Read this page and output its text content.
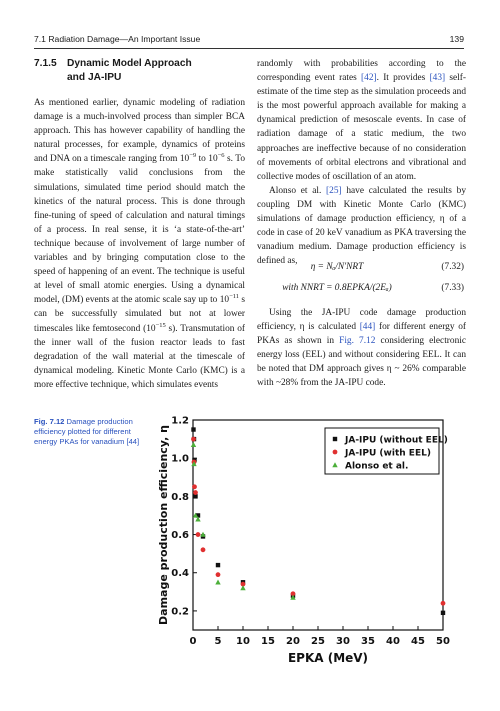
7.1 Radiation Damage—An Important Issue	139
7.1.5 Dynamic Model Approach
and JA-IPU

As mentioned earlier, dynamic modeling of radiation damage is a much-involved process than simpler BCA approach. This has however capability of handling the natural processes, for example, dynamics of proteins and DNA on a timescale ranging from $10^{-9}$ to $10^{-6}$ s. To make statistically valid conclusions from the simulations, simulated time period should match the kinetics of the natural process. This is done through fine-tuning of speed of calculation and natural timings of a process. In real sense, it is ‘a state-of-the-art’ technique because of involvement of large number of variables and by bringing computation close to the speed of happening of an event. The technique is useful at level of small atomic energies. Using a dynamical model, (DM) events at the atomic scale say up to $10^{-11}$ s can be successfully simulated but not at lower timescales like femtosecond ($10^{-15}$ s). Transmutation of the inner wall of the fusion reactor leads to fast degradation of the wall material at the timescale of dynamical modeling. Kinetic Monte Carlo (KMC) is a more effective technique, which simulates events

randomly with probabilities according to the corresponding event rates [42]. It provides [43] self-estimate of the time step as the simulation proceeds and is the most powerful approach available for making a dynamical prediction of mesoscale events. In case of radiation damage of a static medium, the two approaches are ineffective because of no consideration of movements of orbital electrons and vibrational and collective modes of oscillation of an atom.

Alonso et al. [25] have calculated the results by coupling DM with Kinetic Monte Carlo (KMC) simulations of damage production efficiency, η of a code in case of 20 keV vanadium as PKA traversing the vanadium medium. Damage production efficiency is defined as,

η = Nₐ/N′NRT	(7.32)
with NNRT = 0.8EPKA/(2Eₐ)	(7.33)

Using the JA-IPU code damage production efficiency, η is calculated [44] for different energy of PKAs as shown in Fig. 7.12 considering electronic energy loss (EEL) and without considering EEL. It can be noted that DM approach gives η ~ 26% comparable with ~28% from the JA-IPU code.

Fig. 7.12 Damage production efficiency plotted for different energy PKAs for vanadium [44]
0 5 10 15 20 25 30 35 40 45 50
0.2
0.4
0.6
0.8
1.0
1.2
EPKA (MeV)
Damage production efficiency, η	JA-IPU (without EEL)
JA-IPU (with EEL)
Alonso et al.
